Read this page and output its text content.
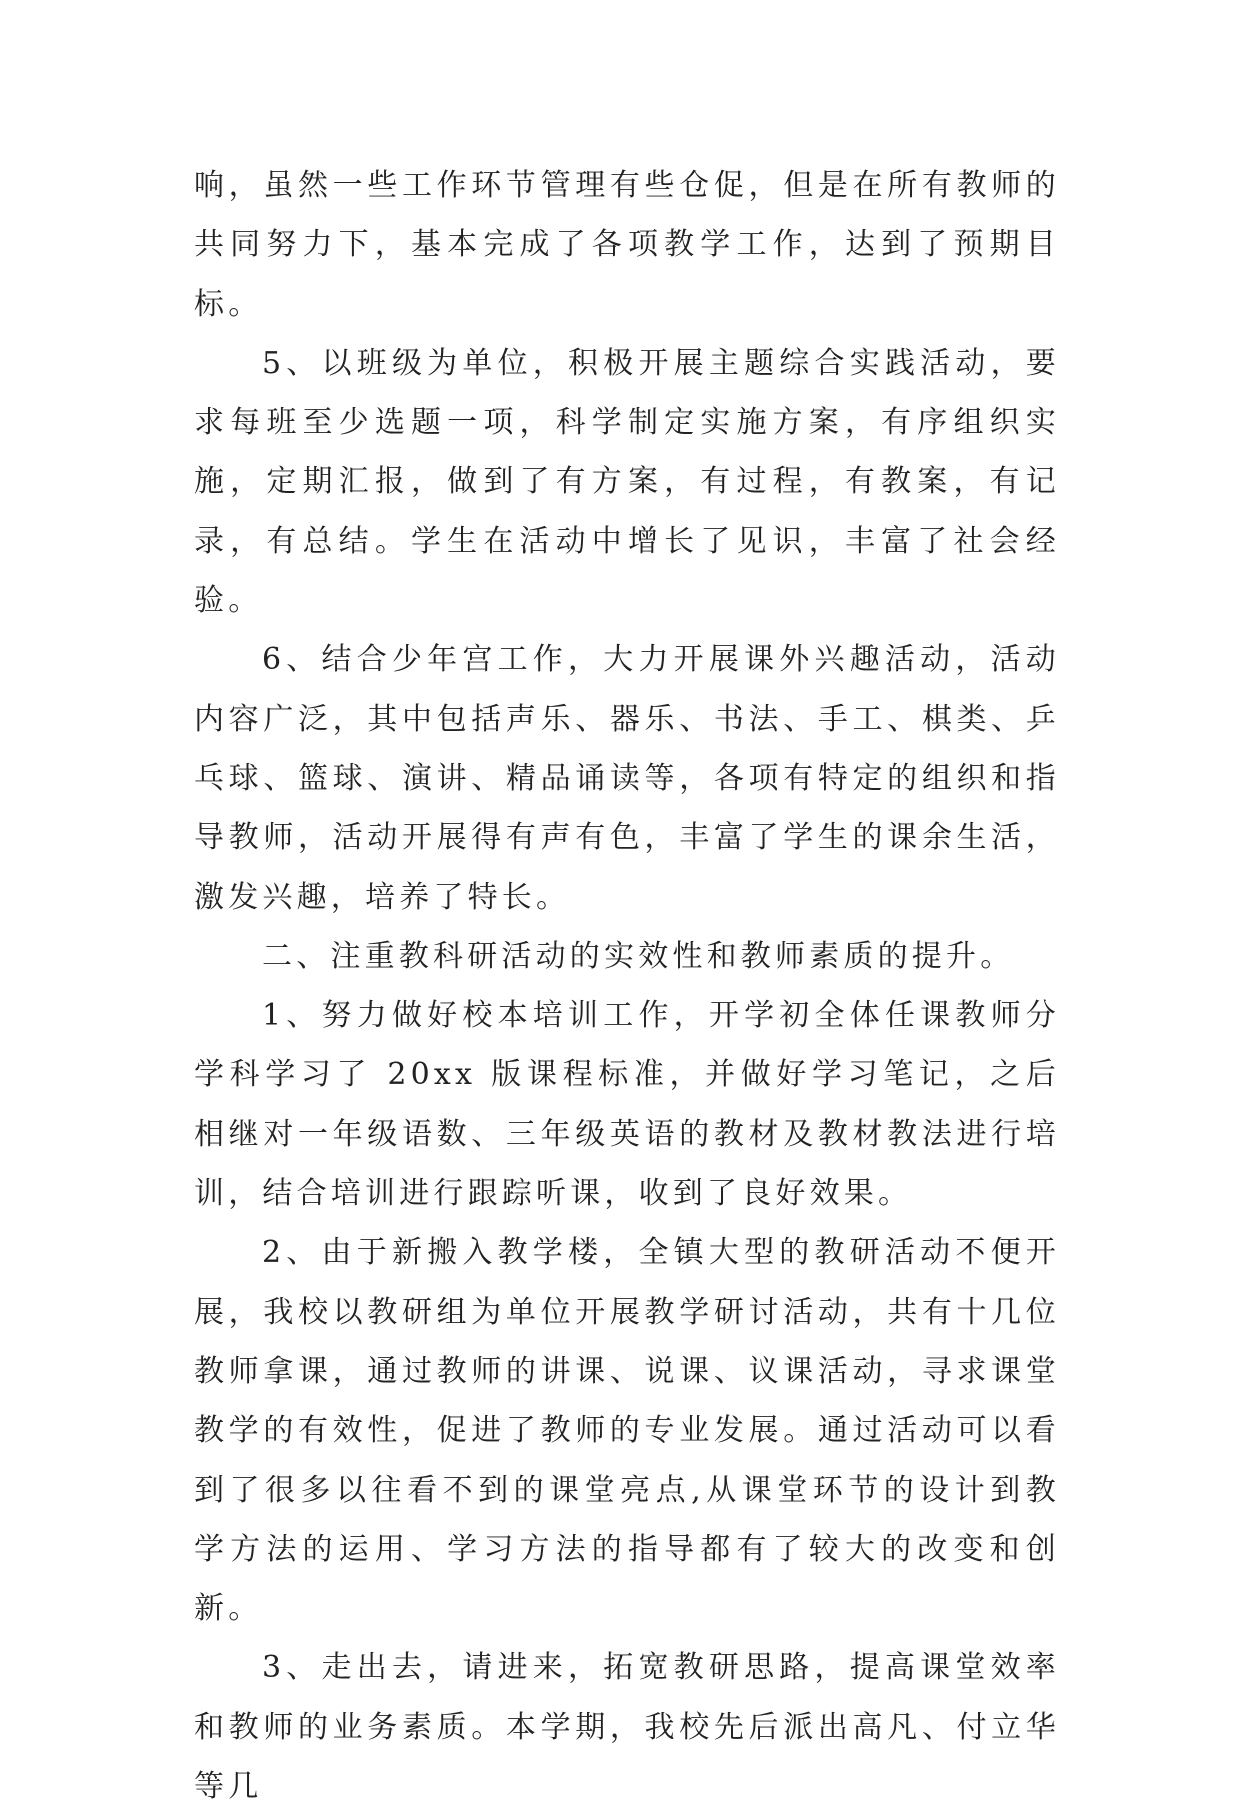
响，虽然一些工作环节管理有些仓促，但是在所有教师的共同努力下，基本完成了各项教学工作，达到了预期目标。

5、以班级为单位，积极开展主题综合实践活动，要求每班至少选题一项，科学制定实施方案，有序组织实施，定期汇报，做到了有方案，有过程，有教案，有记录，有总结。学生在活动中增长了见识，丰富了社会经验。

6、结合少年宫工作，大力开展课外兴趣活动，活动内容广泛，其中包括声乐、器乐、书法、手工、棋类、乒乓球、篮球、演讲、精品诵读等，各项有特定的组织和指导教师，活动开展得有声有色，丰富了学生的课余生活，激发兴趣，培养了特长。

二、注重教科研活动的实效性和教师素质的提升。

1、努力做好校本培训工作，开学初全体任课教师分学科学习了 20xx 版课程标准，并做好学习笔记，之后相继对一年级语数、三年级英语的教材及教材教法进行培训，结合培训进行跟踪听课，收到了良好效果。

2、由于新搬入教学楼，全镇大型的教研活动不便开展，我校以教研组为单位开展教学研讨活动，共有十几位教师拿课，通过教师的讲课、说课、议课活动，寻求课堂教学的有效性，促进了教师的专业发展。通过活动可以看到了很多以往看不到的课堂亮点,从课堂环节的设计到教学方法的运用、学习方法的指导都有了较大的改变和创新。

3、走出去，请进来，拓宽教研思路，提高课堂效率和教师的业务素质。本学期，我校先后派出高凡、付立华等几
